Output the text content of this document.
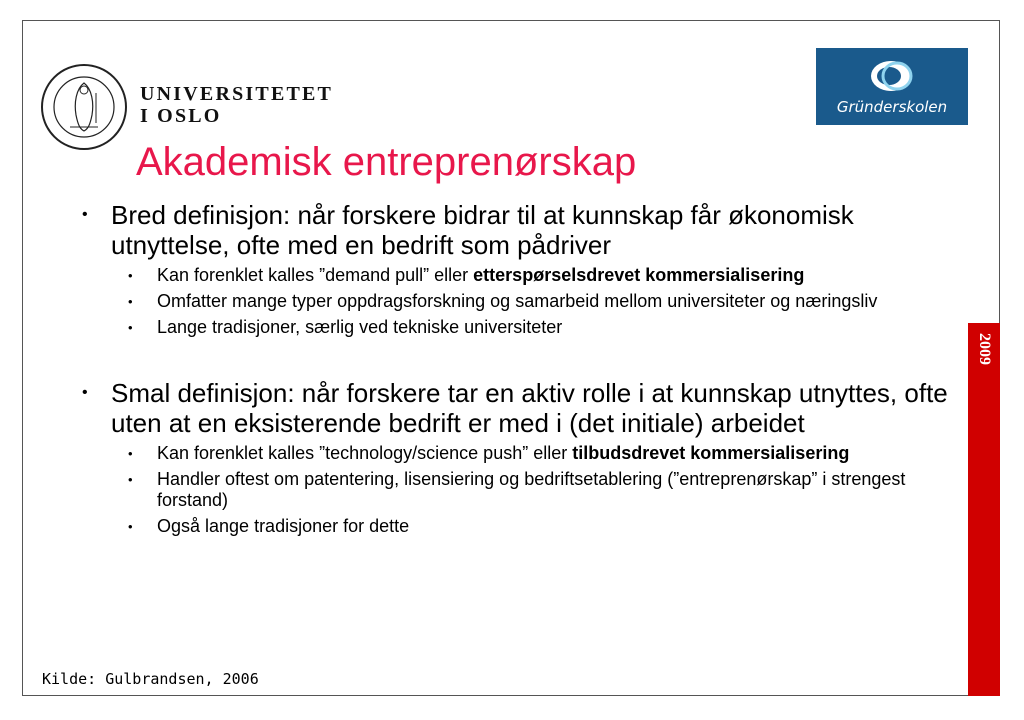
UNIVERSITETET
I OSLO	Gründerskolen
2009
Akademisk entreprenørskap
• Bred definisjon: når forskere bidrar til at kunnskap får økonomisk utnyttelse, ofte med en bedrift som pådriver
• Kan forenklet kalles ”demand pull” eller etterspørselsdrevet kommersialisering
• Omfatter mange typer oppdragsforskning og samarbeid mellom universiteter og næringsliv
• Lange tradisjoner, særlig ved tekniske universiteter
• Smal definisjon: når forskere tar en aktiv rolle i at kunnskap utnyttes, ofte uten at en eksisterende bedrift er med i (det initiale) arbeidet
• Kan forenklet kalles ”technology/science push” eller tilbudsdrevet kommersialisering
• Handler oftest om patentering, lisensiering og bedriftsetablering (”entreprenørskap” i strengest forstand)
• Også lange tradisjoner for dette
Kilde: Gulbrandsen, 2006
